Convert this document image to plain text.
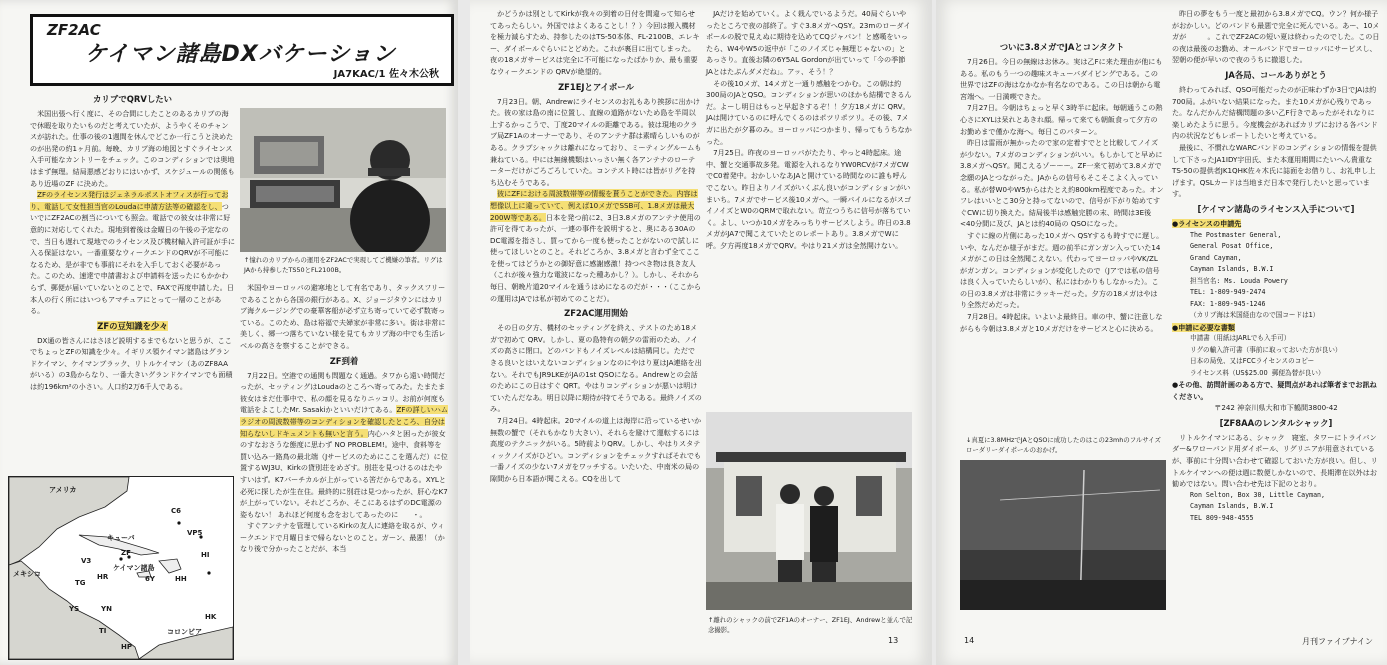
ZF2AC
ケイマン諸島DXバケーション
JA7KAC/1 佐々木公秋
カリブでQRVしたい

米国出張へ行く度に、その合間にしたことのあるカリブの海で休暇を取りたいものだと考えていたが、ようやくそのチャンスが訪れた。仕事の後の1週間を休んでどこか一行こうと決めたのが出発の約1ヶ月前。毎晩、カリブ海の地図とすぐライセンス入手可能なカントリーをチェック。このコンディションでは奥地はまず無理。結局悪感どおりにはいかず、スケジュールの関係もあり近場のZF に決めた。

ZFのライセンス発行はジェネラルポストオフィスが行っており、電話して女性担当官のLoudaに申請方法等の確認をし、ついでにZF2ACの割当についても照会。電話での彼女は非常に好意的に対応してくれた。現地到着後は金曜日の午後の予定なので、当日も遅れて現地でのライセンス及び機材輸入許可証が手に入る保証はない。一番重要なウィークエンドのQRVが不可能になるため、是が非でも事前にそれを入手しておく必要があった。このため、速達で申請書および申請料を送ったにもかかわらず、郵便が届いていないとのことで、FAXで再度申請した。日本人の行く所にはいつもアマチュアにとって一層のことがある。

ZFの豆知識を少々

DX通の皆さんにはさほど説明するまでもないと思うが、ここでちょっとZFの知識を少々。イギリス領ケイマン諸島はグランドケイマン、ケイマンブラック、リトルケイマン（あのZF8AAがいる）の3島からなり、一番大きいグランドケイマンでも面積は約196km²の小さい。人口約2万6千人である。

↑憧れのカリブからの運用をZF2ACで実現してご機嫌の筆者。リグはJAから持参したTS50とFL2100B。

米国やヨーロッパの避寒地として有名であり、タックスフリーであることから各国の銀行がある。X、ジョージタウンにはカリブ海クルージングでの豪華客船が必ず立ち寄っていて必ず数寄っている。このため、島は裕福で夫婦家が非常に多い。街は非常に美しく、郷一つ落ちていない様を見てもカリブ海の中でも生活レベルの高さを察することができる。

ZF到着

7月22日。空港での通関も問題なく通過。タワから遠い時間だったが、セッティングはLoudaのところへ寄ってみた。たまたま彼女はまだ仕事中で、私の顔を見るなりニッコリ。お前が何度も電話をよこしたMr. Sasakiかといいだけてある。ZFの詳しいハムラジオの周波数帯等のコンディションを確認したところ、自分は知らないしドキュメントも無いと言う。内心ハタと困ったが彼女のすなおさうな態度に思わず NO PROBLEM!。途中、食料等を買い込み一路鳥の最北端（Jサービスのためにここを選んだ）に位置するWJ3U、Kirkの貸別荘をめざす。別荘を見つけるのはたやすいはず。K7バーチカルが上がっている筈だからである。XYLと必死に探したが生在住。最終的に別荘は見つかったが、肝心なK7が上がっていない。それどころか、そこにあるはずのDC電源の姿もない！ あれほど何度も念をおしてあったのに　　・。

すぐアンテナを管理しているKirkの友人に連絡を取るが、ウィークエンドで月曜日まで帰らないとのこと。ガーン、最悪！（かなり後で分かったことだが、本当

アメリカ
メキシコ
キューバ
ケイマン諸島
コロンビア
C6
VP5
ZF	HI
6Y	HH
V3
TG
HR
YN
YS
TI
HP
HK

かどうかは別としてKirkが我々の到着の日付を間違って知らせてあったらしい。外国ではよくあることし！？）今回は搬入機材を極力減らすため、持参したのはTS-50本体、FL-2100B、エレキー、ダイポールぐらいにとどめた。これが裏目に出てしまった。夜の18メガサービスは完全に不可能になったばかりか、最も重要なウィークエンドの QRVが絶望的。

ZF1EJとアイボール

7月23日。朝、Andrewにライセンスのお礼もあり挨拶に出かけた。彼の家は島の南に位置し、直線の道路がないため島を半周以上するかっこうで、丁度20マイルの距離である。彼は現地のクラブ局ZF1Aのオーナーであり、そのアンテナ群は素晴らしいものがある。クラブシャックは離れになっており、ミーティングルームも兼ねている。中には無線機類はいっさい無く各アンテナのローテーターだけがごろごろしていた。コンテスト時には皆がリグを持ち込むそうである。

彼にZFにおける周波数帯等の情報を貰うことができた。内容は想像以上に違っていて、例えば10メガでSSB可、1.8メガは最大200W等である。日本を発つ前に2、3日3.8メガのアンテナ使用の許可を得てあったが、一連の事件を説明すると、奥にある30AのDC電源を指さし、買ってから一度も使ったことがないので試しに使ってほしいとのこと。それどころか、3.8メガと言わず全てここを使ってはどうかとの御好意に感謝感激！持つべき物は良き友人（これが後々強力な電波になった種あかし？）。しかし、それから毎日、朝晩片道20マイルを通うはめになるのだが・・・（ここからの運用はJAでは私が初めてのことだ）。

ZF2AC運用開始

その日の夕方、機材のセッティングを終え、テストのため18メガで初めて QRV。しかし、夏の島特有の朝夕の雷雨のため、ノイズの高さに閉口。どのバンドもノイズレベルは結構同じ。ただできる良いとはいえないコンディションなのにやはり夏はJA連絡を出ない。それでもJR9LKEがJAの1st QSOになる。Andrewとの会話のためにこの日はすぐ QRT。やはりコンディションが悪いは明けていたんだなあ。明日以降に期待が持てそうである。最終ノイズのみ。

7月24日。4時起床。20マイルの道上は海岸に沿っているせいか無数の蟹で（それもかなり大きい）、それらを避けて運転するには高度のテクニックがいる。5時前よりQRV。しかし、やはりスタティックノイズがひどい。コンディションをチェックすればそれでも一番ノイズの少ない7メガをワッチする。いたいた、中南米の局の隙間から日本語が聞こえる。CQを出して

JAだけを始めていく。よく栽んでいるようだ。40局ぐらいやったところで夜の部終了。すぐ3.8メガへQSY。23mのローダイポールの脱で見えぬに期待を込めてCQジャパン！と感嘆をいったら、W4やW5の返中が「このノイズじゃ無理じゃないの」とあっさり。直後お隣の6Y5AL Gordonが出ていって「今の季節JAとはたぶんダメだね」。アッ、そう！？

その後10メガ、14メガと一通り感触をつかむ。この朝は約300局のJAとQSO。コンディションが思いのほかも結構できるんだ。よーし明日はもっと早起きするぞ！！夕方18メガに QRV。JAは開けているのに呼んでくるのはポツリポツリ。その後、7メガに出たが夕暮のみ。ヨーロッパにつかまり、帰ってもうちなかった。

7月25日。昨夜のヨーロッパがたたり、やっと4時起床。途中、蟹と交通事故多発。電源を入れるなりYW0RCVが7メガCWでC0着発中。おかしいなあJAと開けている時間なのに誰も呼んでこない。昨日よりノイズがいくぶん良いがコンディションがいまいち。7メガでサービス後10メガへ。一瞬パイルになるがスゴイノイズとW0のQRMで取れない。苛立つうちに信号が落ちていく。よし、いつか10メガをみっちりサービスしよう。昨日の3.8メガがJA7で聞こえていたとのレポートあり。3.8メガでWに呼。夕方再度18メガでQRV。やはり21メガは全然開けない。

↑離れのシャックの前でZF1Aのオーナー、ZF1EJ、Andrewと並んで記念撮影。
13
ついに3.8メガでJAとコンタクト

7月26日。今日の無線はお休み。実は乙Fに来た理由が他にもある。私のもう一つの趣味スキューバダイビングである。この世界ではZFの海はなかなか有名なのである。この日は朝から電宮端へ。一日満喫できた。

7月27日。今朝はちょっと早く3時半に起床。毎朝通うこの熱心さにXYLは呆れとあきれ顔。帰って来ても朝飯食って夕方のお勤めまで僅かな海へ。毎日このパターン。

昨日は雷雨が無かったので家の定着すでとと比較してノイズが少ない。7メガのコンディションがいい。もしかしてと早めに3.8メガへQSY。聞こえるゾーーー。ZF一来て初めて3.8メガで念願のJAとつながった。JAからの信号もそこそこよく入っている。私が替W0やW5からはたとえ約800km程度であった。オンフレはいいとこ30分と持ってないので、信号が下がり始めてすぐCWに切り換えた。結局後半は感触完勝の末、時間は3E後<40分間に及び、JAとは約40局の QSOになった。

すぐに線の片側にあった10メガへ QSYするも時すでに遅し。いや、なんだか様子がまだ。週の前半にガンガン入っていた14メガがこの日は全然聞こえない。代わってヨーロッパやVK/ZLがガンガン。コンディションが変化したので（Jアでは私の信号は良く入っていたらしいが）、私にはわかりもしなかった）。この日の3.8メガは非常にラッキーだった。夕方の18メガはやはり全然だめだった。

7月28日。4時起床。いよいよ最終日。車の中、蟹に注意しながらも今朝は3.8メガと10メガだけをサービスと心に決める。

↓真夏に3.8MHzでJAとQSOに成功したのはこの23mhのフルサイズローダリーダイポールのおかげ。
14	月刊ファイブナイン

昨日の夢をもう一度と最初から3.8メガでCQ。ウン？何か様子がおかしい。どのバンドも最悪で完全に死んでいる。あー、10メガが　　　。これでZF2ACの短い夏は終わったのでした。この日の夜は最後のお勤め、オールバンドでヨーロッパにサービスし、翌朝の便が早いので夜のうちに撤退した。

JA各局、コールありがとう

終わってみれば、QSO可能だったのが正味わずか3日でJAは約700局。ふがいない結果になった。また10メガが心残りであった。なんだかんだ結構問題の多い乙F行きであったがそれなりに楽しめたように思う。今度機会があればカリブにおける各バンド内の状況などもレポートしたいと考えている。

最後に、不慣れなWARCバンドのコンディションの情報を提供して下さったJA1IDY宇田氏、また本運用期間にたいへん貴重なTS-50の提供者JK1QHK佐々木氏に誌面をお借りし、お礼申し上げます。QSLカードは当地まだ日本で発行したいと思っています。

[ケイマン諸島のライセンス入手について]
●ライセンスの申請先
The Postmaster General,
General Posat Office,
Grand Cayman,
Cayman Islands, B.W.I
担当官名: Ms. Louda Powery
TEL: 1-809-949-2474
FAX: 1-809-945-1246
（カリブ海は米国経由なので国コードは1）
●申請に必要な書類
申請書（用紙はJARLでも入手可）
リグの輸入許可書（事前に取っておいた方が良い）
日本の局免、又はFCCライセンスのコピー
ライセンス料（US$25.00  郵便為替が良い）
●その他、訪問計画のある方で、疑問点があれば筆者までお訊ねください。
〒242 神奈川県大和市下鶴間3800-42
[ZF8AAのレンタルシャック]

リトルケイマンにある、シャック　寝室、タワーにトライバンダー&ワローバンド用ダイポール、リグリニアが用意されているが、事前に十分問い合わせて確認しておいた方が良い。但し、リトルケイマンへの便は週に数便しかないので、長期滞在以外はお勧めではない。問い合わせ先は下記のとおり。

Ron Selton, Box 30, Little Cayman,
Cayman Islands, B.W.I
TEL 809-948-4555
